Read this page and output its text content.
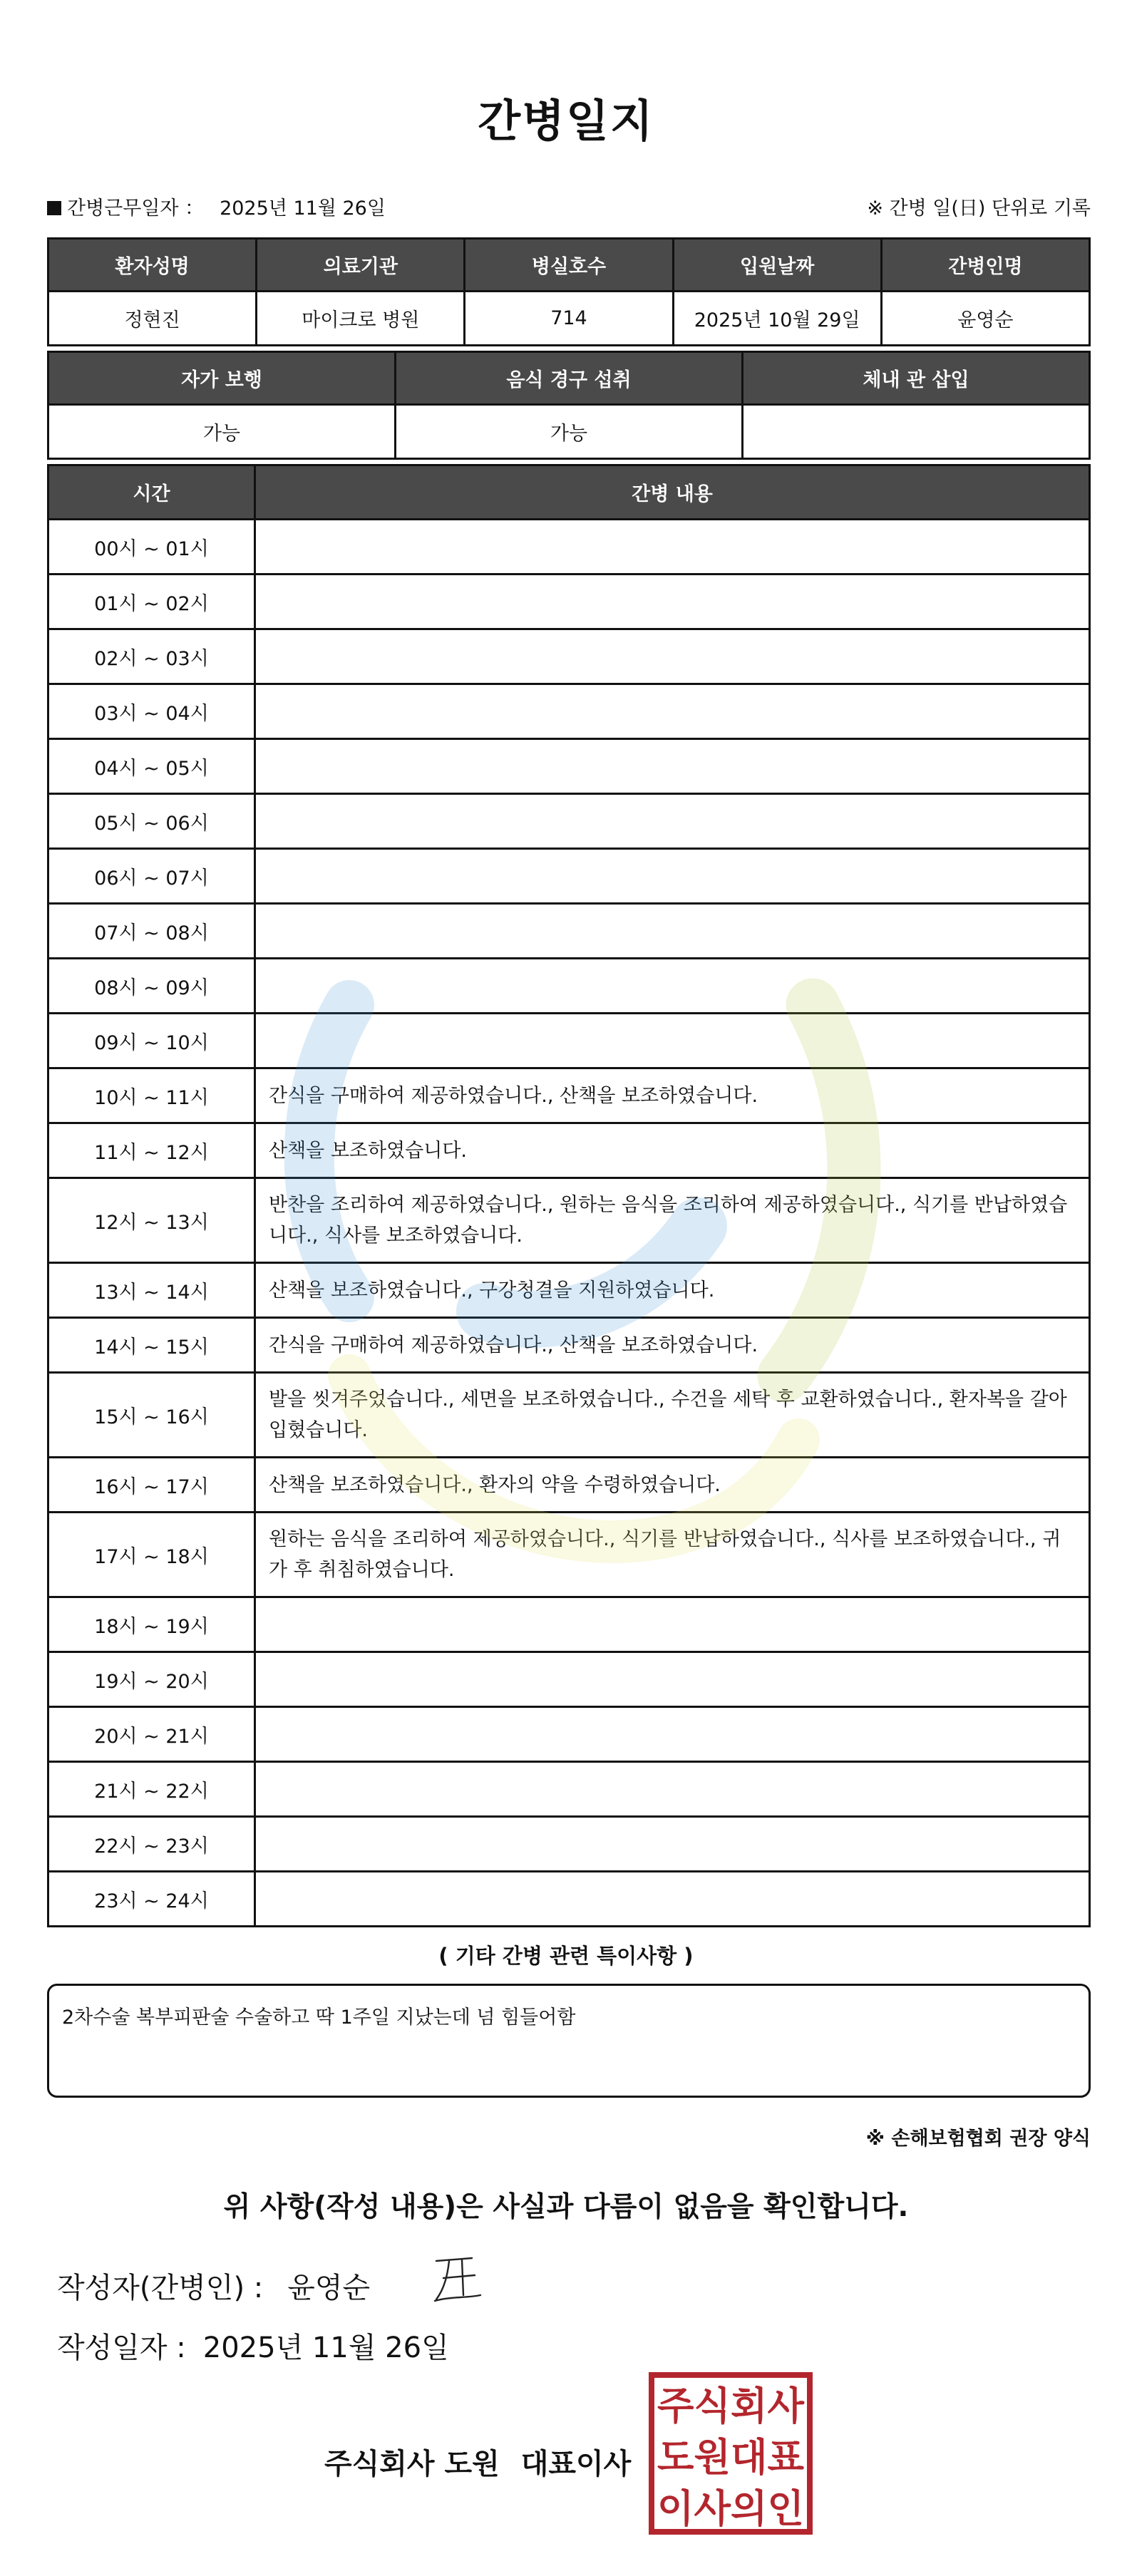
간병일지
간병근무일자 ： 2025년 11월 26일	※ 간병 일(日) 단위로 기록
환자성명	의료기관	병실호수	입원날짜	간병인명
정현진	마이크로 병원	714	2025년 10월 29일	윤영순
자가 보행	음식 경구 섭취	체내 관 삽입
가능	가능	
시간	간병 내용
00시 ~ 01시	
01시 ~ 02시	
02시 ~ 03시	
03시 ~ 04시	
04시 ~ 05시	
05시 ~ 06시	
06시 ~ 07시	
07시 ~ 08시	
08시 ~ 09시	
09시 ~ 10시	
10시 ~ 11시	간식을 구매하여 제공하였습니다., 산책을 보조하였습니다.
11시 ~ 12시	산책을 보조하였습니다.
12시 ~ 13시	반찬을 조리하여 제공하였습니다., 원하는 음식을 조리하여 제공하였습니다., 식기를 반납하였습니다., 식사를 보조하였습니다.
13시 ~ 14시	산책을 보조하였습니다., 구강청결을 지원하였습니다.
14시 ~ 15시	간식을 구매하여 제공하였습니다., 산책을 보조하였습니다.
15시 ~ 16시	발을 씻겨주었습니다., 세면을 보조하였습니다., 수건을 세탁 후 교환하였습니다., 환자복을 갈아입혔습니다.
16시 ~ 17시	산책을 보조하였습니다., 환자의 약을 수령하였습니다.
17시 ~ 18시	원하는 음식을 조리하여 제공하였습니다., 식기를 반납하였습니다., 식사를 보조하였습니다., 귀가 후 취침하였습니다.
18시 ~ 19시	
19시 ~ 20시	
20시 ~ 21시	
21시 ~ 22시	
22시 ~ 23시	
23시 ~ 24시	
( 기타 간병 관련 특이사항 )
2차수술 복부피판술 수술하고 딱 1주일 지났는데 넘 힘들어함
※ 손해보험협회 권장 양식
위 사항(작성 내용)은 사실과 다름이 없음을 확인합니다.
작성자(간병인) : 윤영순
작성일자 : 2025년 11월 26일
주식회사 도원 대표이사
주식회사
도원대표
이사의인
